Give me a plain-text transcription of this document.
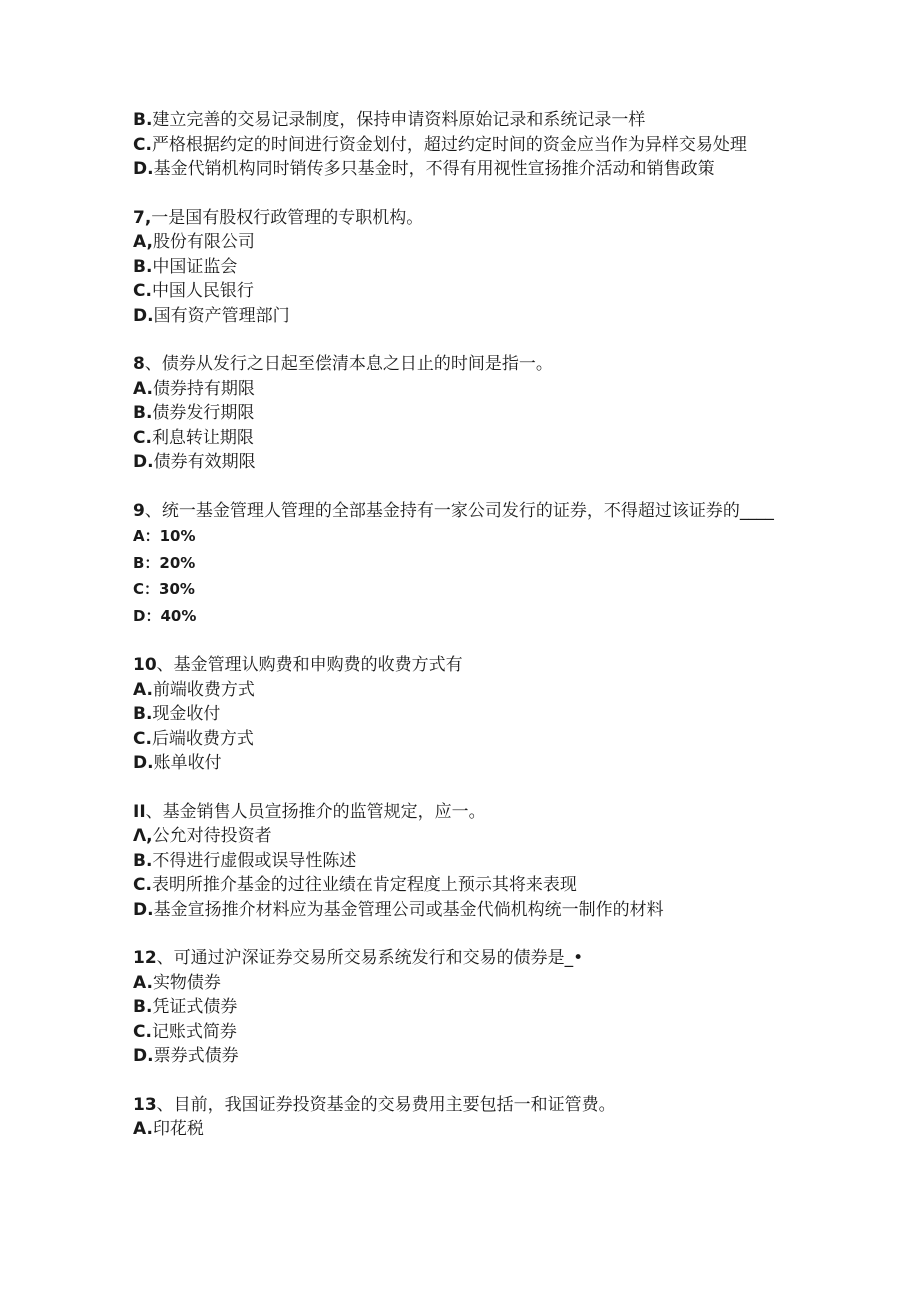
B.建立完善的交易记录制度，保持申请资料原始记录和系统记录一样
C.严格根据约定的时间进行资金划付，超过约定时间的资金应当作为异样交易处理
D.基金代销机构同时销传多只基金时，不得有用视性宣扬推介活动和销售政策
7,一是国有股权行政管理的专职机构。
A,股份有限公司
B.中国证监会
C.中国人民银行
D.国有资产管理部门
8、债券从发行之日起至偿清本息之日止的时间是指一。
A.债券持有期限
B.债券发行期限
C.利息转让期限
D.债券有效期限
9、统一基金管理人管理的全部基金持有一家公司发行的证券，不得超过该证券的____
A：10%
B：20%
C：30%
D：40%
10、基金管理认购费和申购费的收费方式有
A.前端收费方式
B.现金收付
C.后端收费方式
D.账单收付
II、基金销售人员宣扬推介的监管规定，应一。
Λ,公允对待投资者
B.不得进行虚假或误导性陈述
C.表明所推介基金的过往业绩在肯定程度上预示其将来表现
D.基金宣扬推介材料应为基金管理公司或基金代倘机构统一制作的材料
12、可通过沪深证券交易所交易系统发行和交易的债券是_•
A.实物债券
B.凭证式债券
C.记账式简券
D.票券式债券
13、目前，我国证券投资基金的交易费用主要包括一和证管费。
A.印花税
